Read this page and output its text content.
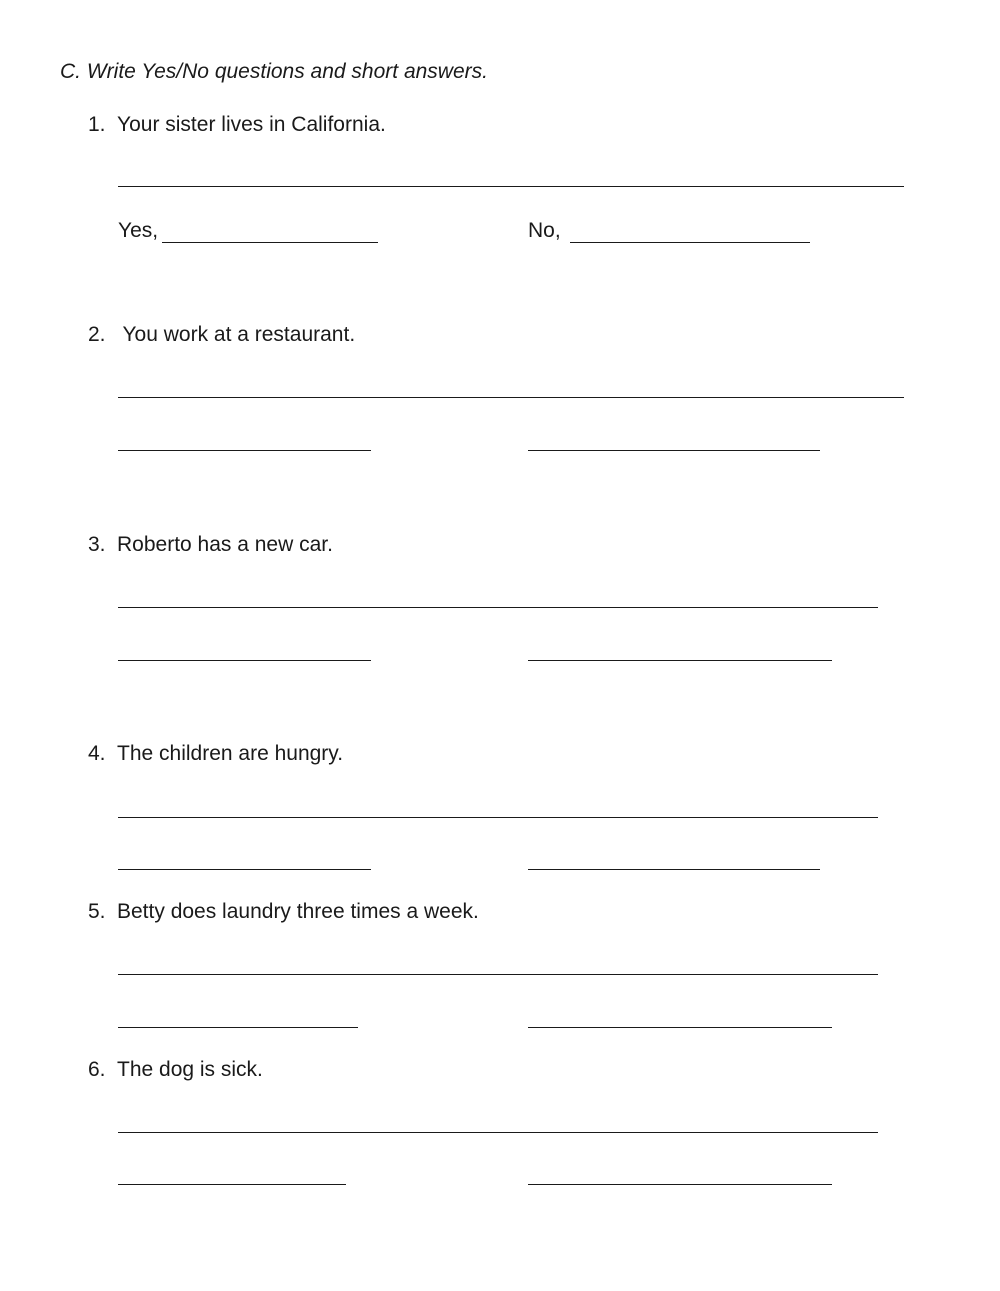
C. Write Yes/No questions and short answers.
1. Your sister lives in California.
Yes,	No,
2. You work at a restaurant.
3. Roberto has a new car.
4. The children are hungry.
5. Betty does laundry three times a week.
6. The dog is sick.
